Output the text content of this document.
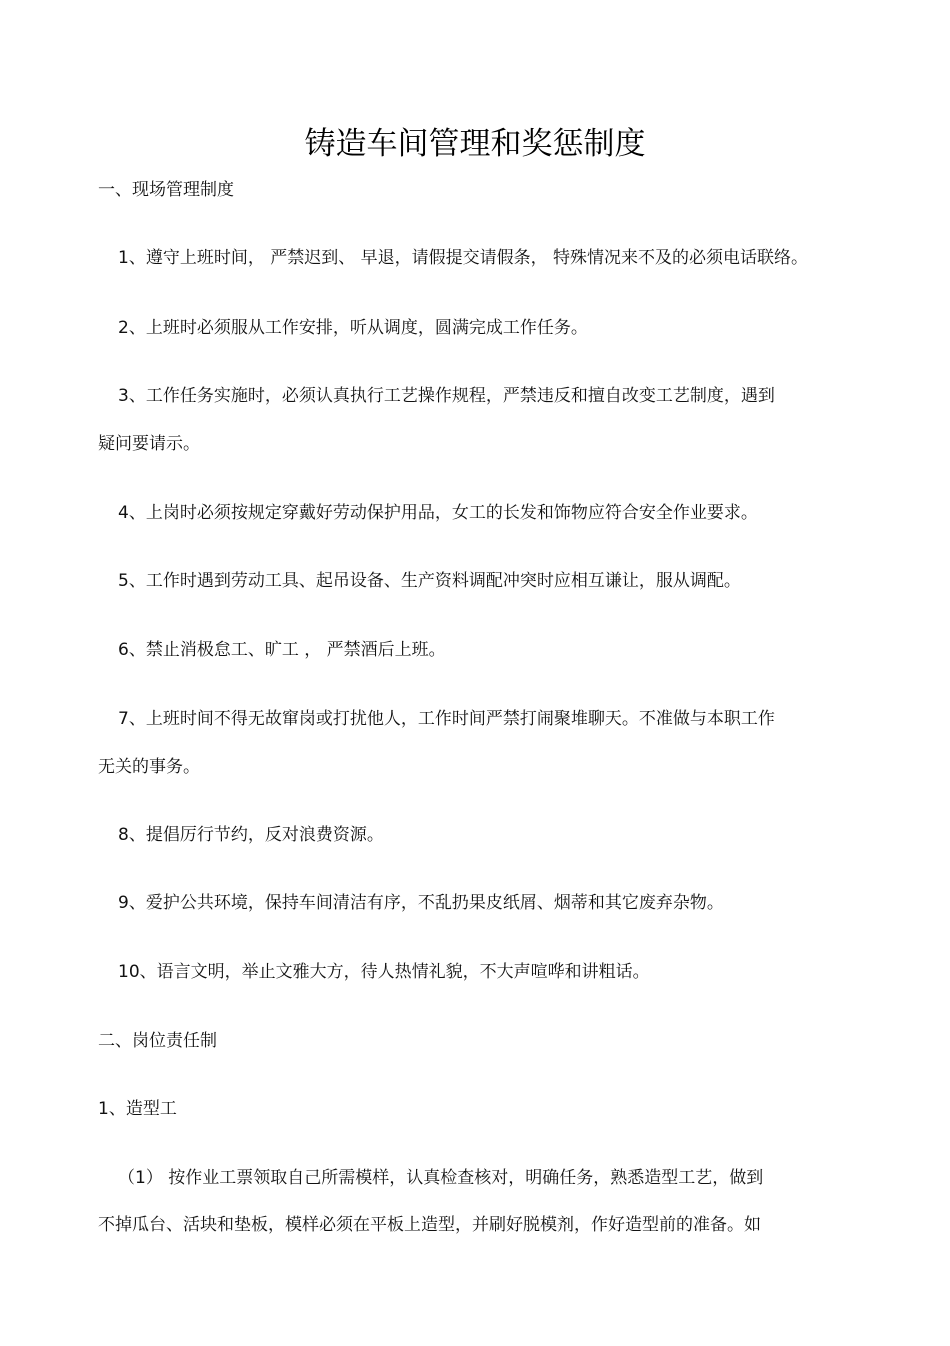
铸造车间管理和奖惩制度
一、现场管理制度
1、遵守上班时间， 严禁迟到、 早退，请假提交请假条， 特殊情况来不及的必须电话联络。
2、上班时必须服从工作安排，听从调度，圆满完成工作任务。
3、工作任务实施时，必须认真执行工艺操作规程，严禁违反和擅自改变工艺制度，遇到
疑问要请示。
4、上岗时必须按规定穿戴好劳动保护用品，女工的长发和饰物应符合安全作业要求。
5、工作时遇到劳动工具、起吊设备、生产资料调配冲突时应相互谦让，服从调配。
6、禁止消极怠工、旷工 ， 严禁酒后上班。
7、上班时间不得无故窜岗或打扰他人，工作时间严禁打闹聚堆聊天。不准做与本职工作
无关的事务。
8、提倡厉行节约，反对浪费资源。
9、爱护公共环境，保持车间清洁有序，不乱扔果皮纸屑、烟蒂和其它废弃杂物。
10、语言文明，举止文雅大方，待人热情礼貌，不大声喧哗和讲粗话。
二、岗位责任制
1、造型工
（1） 按作业工票领取自己所需模样，认真检查核对，明确任务，熟悉造型工艺，做到
不掉瓜台、活块和垫板，模样必须在平板上造型，并刷好脱模剂，作好造型前的准备。如
